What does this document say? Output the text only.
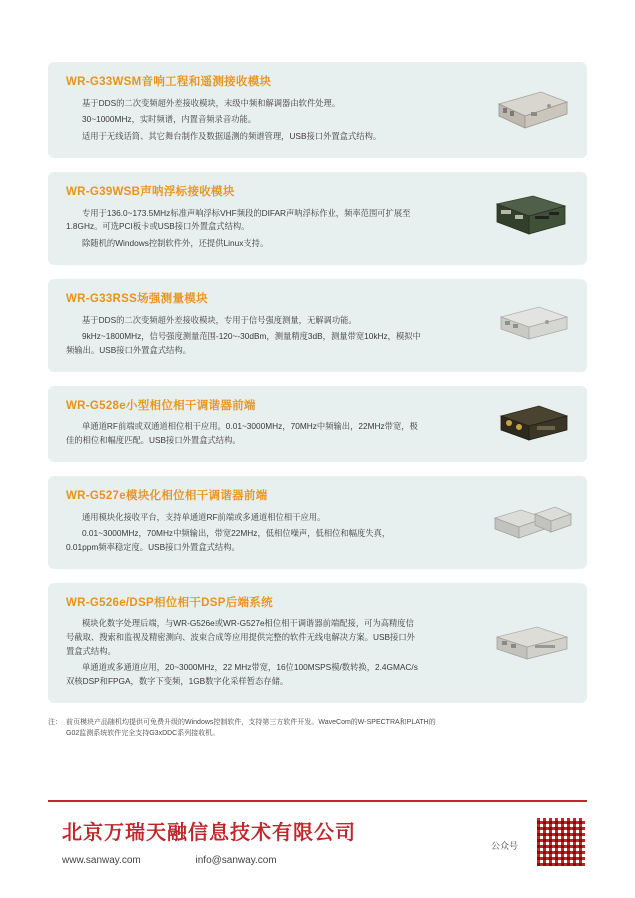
WR-G33WSM音响工程和遥测接收模块

基于DDS的二次变频超外差接收模块，末级中频和解调器由软件处理。

30~1000MHz，实时频谱，内置音频录音功能。

适用于无线话筒、其它舞台制作及数据遥测的频谱管理，USB接口外置盒式结构。

WR-G39WSB声呐浮标接收模块

专用于136.0~173.5MHz标准声响浮标VHF频段的DIFAR声呐浮标作业，频率范围可扩展至1.8GHz。可选PCI板卡或USB接口外置盒式结构。

除随机的Windows控制软件外，还提供Linux支持。

WR-G33RSS场强测量模块

基于DDS的二次变频超外差接收模块，专用于信号强度测量，无解调功能。

9kHz~1800MHz，信号强度测量范围-120~-30dBm，测量精度3dB，测量带宽10kHz，模拟中频输出。USB接口外置盒式结构。

WR-G528e小型相位相干调谐器前端

单通道RF前端或双通道相位相干应用。0.01~3000MHz，70MHz中频输出，22MHz带宽，极佳的相位和幅度匹配。USB接口外置盒式结构。

WR-G527e模块化相位相干调谐器前端

通用模块化接收平台，支持单通道RF前端或多通道相位相干应用。

0.01~3000MHz，70MHz中频输出，带宽22MHz，低相位噪声，低相位和幅度失真，0.01ppm频率稳定度。USB接口外置盒式结构。

WR-G526e/DSP相位相干DSP后端系统

模块化数字处理后端，与WR-G526e或WR-G527e相位相干调谐器前端配接，可为高精度信号截取、搜索和监视及精密测向、波束合成等应用提供完整的软件无线电解决方案。USB接口外置盒式结构。

单通道或多通道应用，20~3000MHz，22 MHz带宽，16位100MSPS模/数转换，2.4GMAC/s双核DSP和FPGA，数字下变频，1GB数字化采样暂态存储。

注： 前页模块产品随机均提供可免费升级的Windows控制软件，支持第三方软件开发。WaveCom的W-SPECTRA和PLATH的

G02监测系统软件完全支持G3xDDC系列接收机。

北京万瑞天融信息技术有限公司
www.sanway.com	info@sanway.com
公众号
